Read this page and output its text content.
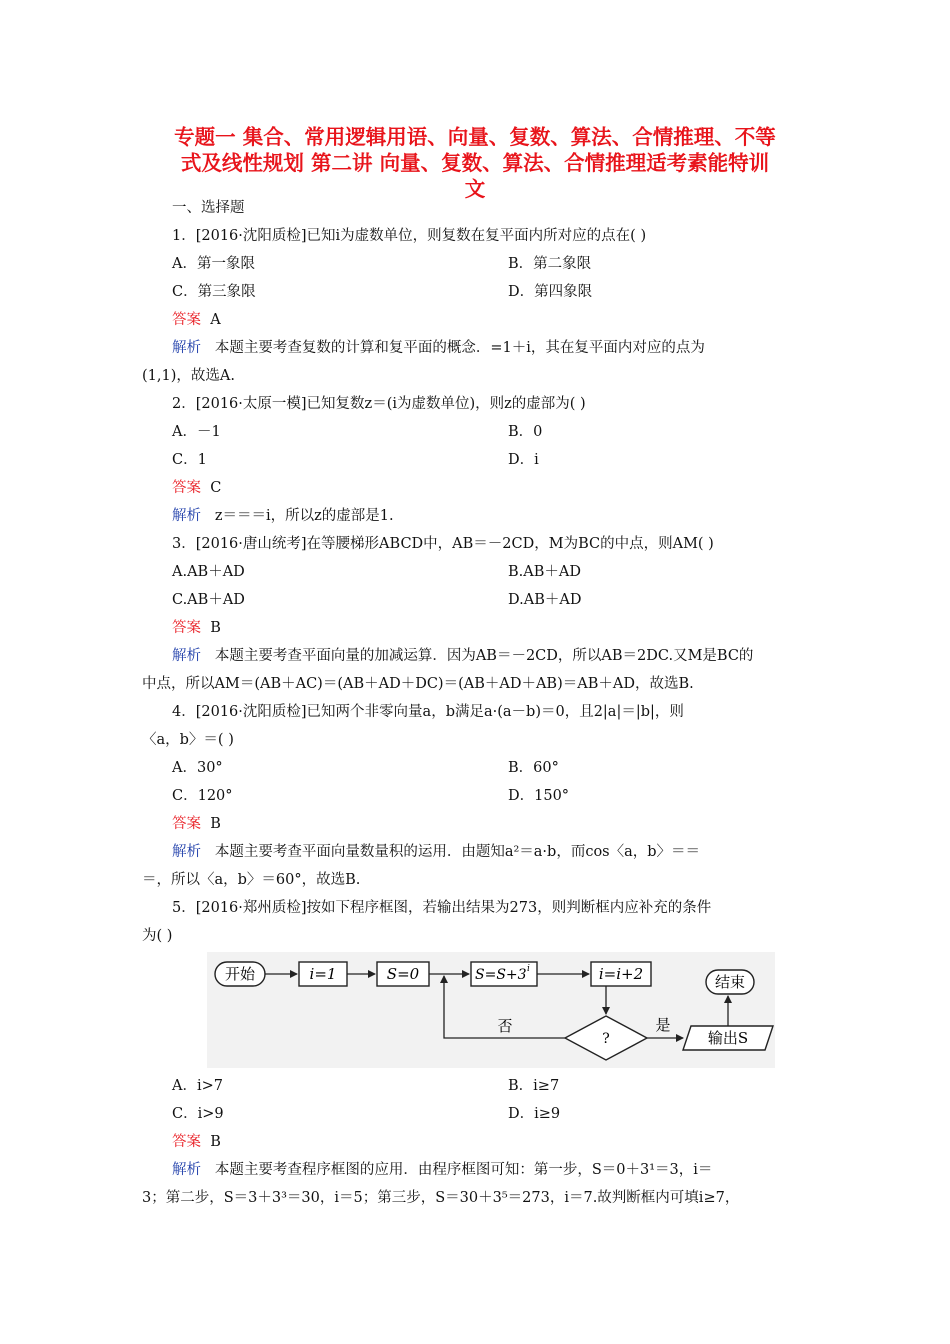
专题一 集合、常用逻辑用语、向量、复数、算法、合情推理、不等
式及线性规划 第二讲 向量、复数、算法、合情推理适考素能特训
文
一、选择题
1．[2016·沈阳质检]已知i为虚数单位，则复数在复平面内所对应的点在( )
A．第一象限	B．第二象限
C．第三象限	D．第四象限
答案 A
解析 本题主要考查复数的计算和复平面的概念．=1＋i，其在复平面内对应的点为
(1,1)，故选A.
2．[2016·太原一模]已知复数z＝(i为虚数单位)，则z的虚部为( )
A．－1	B．0
C．1	D．i
答案 C
解析 z＝＝＝i，所以z的虚部是1.
3．[2016·唐山统考]在等腰梯形ABCD中，AB＝－2CD，M为BC的中点，则AM( )
A.AB＋AD	B.AB＋AD
C.AB＋AD	D.AB＋AD
答案 B
解析 本题主要考查平面向量的加减运算．因为AB＝－2CD，所以AB＝2DC.又M是BC的
中点，所以AM＝(AB＋AC)＝(AB＋AD＋DC)＝(AB＋AD＋AB)＝AB＋AD，故选B.
4．[2016·沈阳质检]已知两个非零向量a，b满足a·(a－b)＝0，且2|a|＝|b|，则
〈a，b〉＝( )
A．30°	B．60°
C．120°	D．150°
答案 B
解析 本题主要考查平面向量数量积的运用．由题知a²＝a·b，而cos〈a，b〉＝＝
＝，所以〈a，b〉＝60°，故选B.
5．[2016·郑州质检]按如下程序框图，若输出结果为273，则判断框内应补充的条件
为( )
开始	i=1	S=0	S=S+3 i	i=i+2
?
否	是
输出S
结束
A．i>7	B．i≥7
C．i>9	D．i≥9
答案 B
解析 本题主要考查程序框图的应用．由程序框图可知：第一步，S＝0＋3¹＝3，i＝
3；第二步，S＝3＋3³＝30，i＝5；第三步，S＝30＋3⁵＝273，i＝7.故判断框内可填i≥7，
